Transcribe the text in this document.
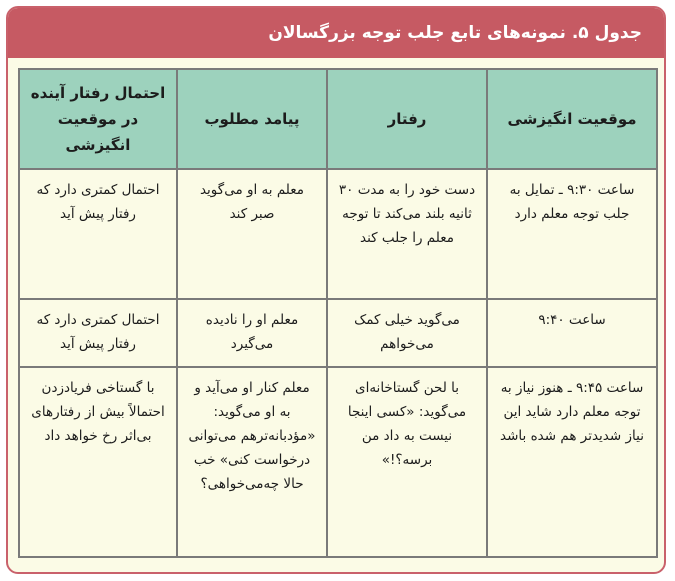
جدول ۵. نمونه‌های تابع جلب توجه بزرگسالان
موقعیت انگیزشی	رفتار	پیامد مطلوب	احتمال رفتار آینده در موقعیت انگیزشی
ساعت ۹:۳۰ ـ تمایل به جلب توجه معلم دارد	دست خود را به مدت ۳۰ ثانیه بلند می‌کند تا توجه معلم را جلب کند	معلم به او می‌گوید صبر کند	احتمال کمتری دارد که رفتار پیش آید
ساعت ۹:۴۰	می‌گوید خیلی کمک می‌خواهم	معلم او را نادیده می‌گیرد	احتمال کمتری دارد که رفتار پیش آید
ساعت ۹:۴۵ ـ هنوز نیاز به توجه معلم دارد شاید این نیاز شدیدتر هم شده باشد	با لحن گستاخانه‌ای می‌گوید: «کسی اینجا نیست به داد من برسه؟!»	معلم کنار او می‌آید و به او می‌گوید: «مؤدبانه‌ترهم می‌توانی درخواست کنی» خب حالا چه‌می‌خواهی؟	با گستاخی فریادزدن احتمالاً بیش از رفتارهای بی‌اثر رخ خواهد داد
